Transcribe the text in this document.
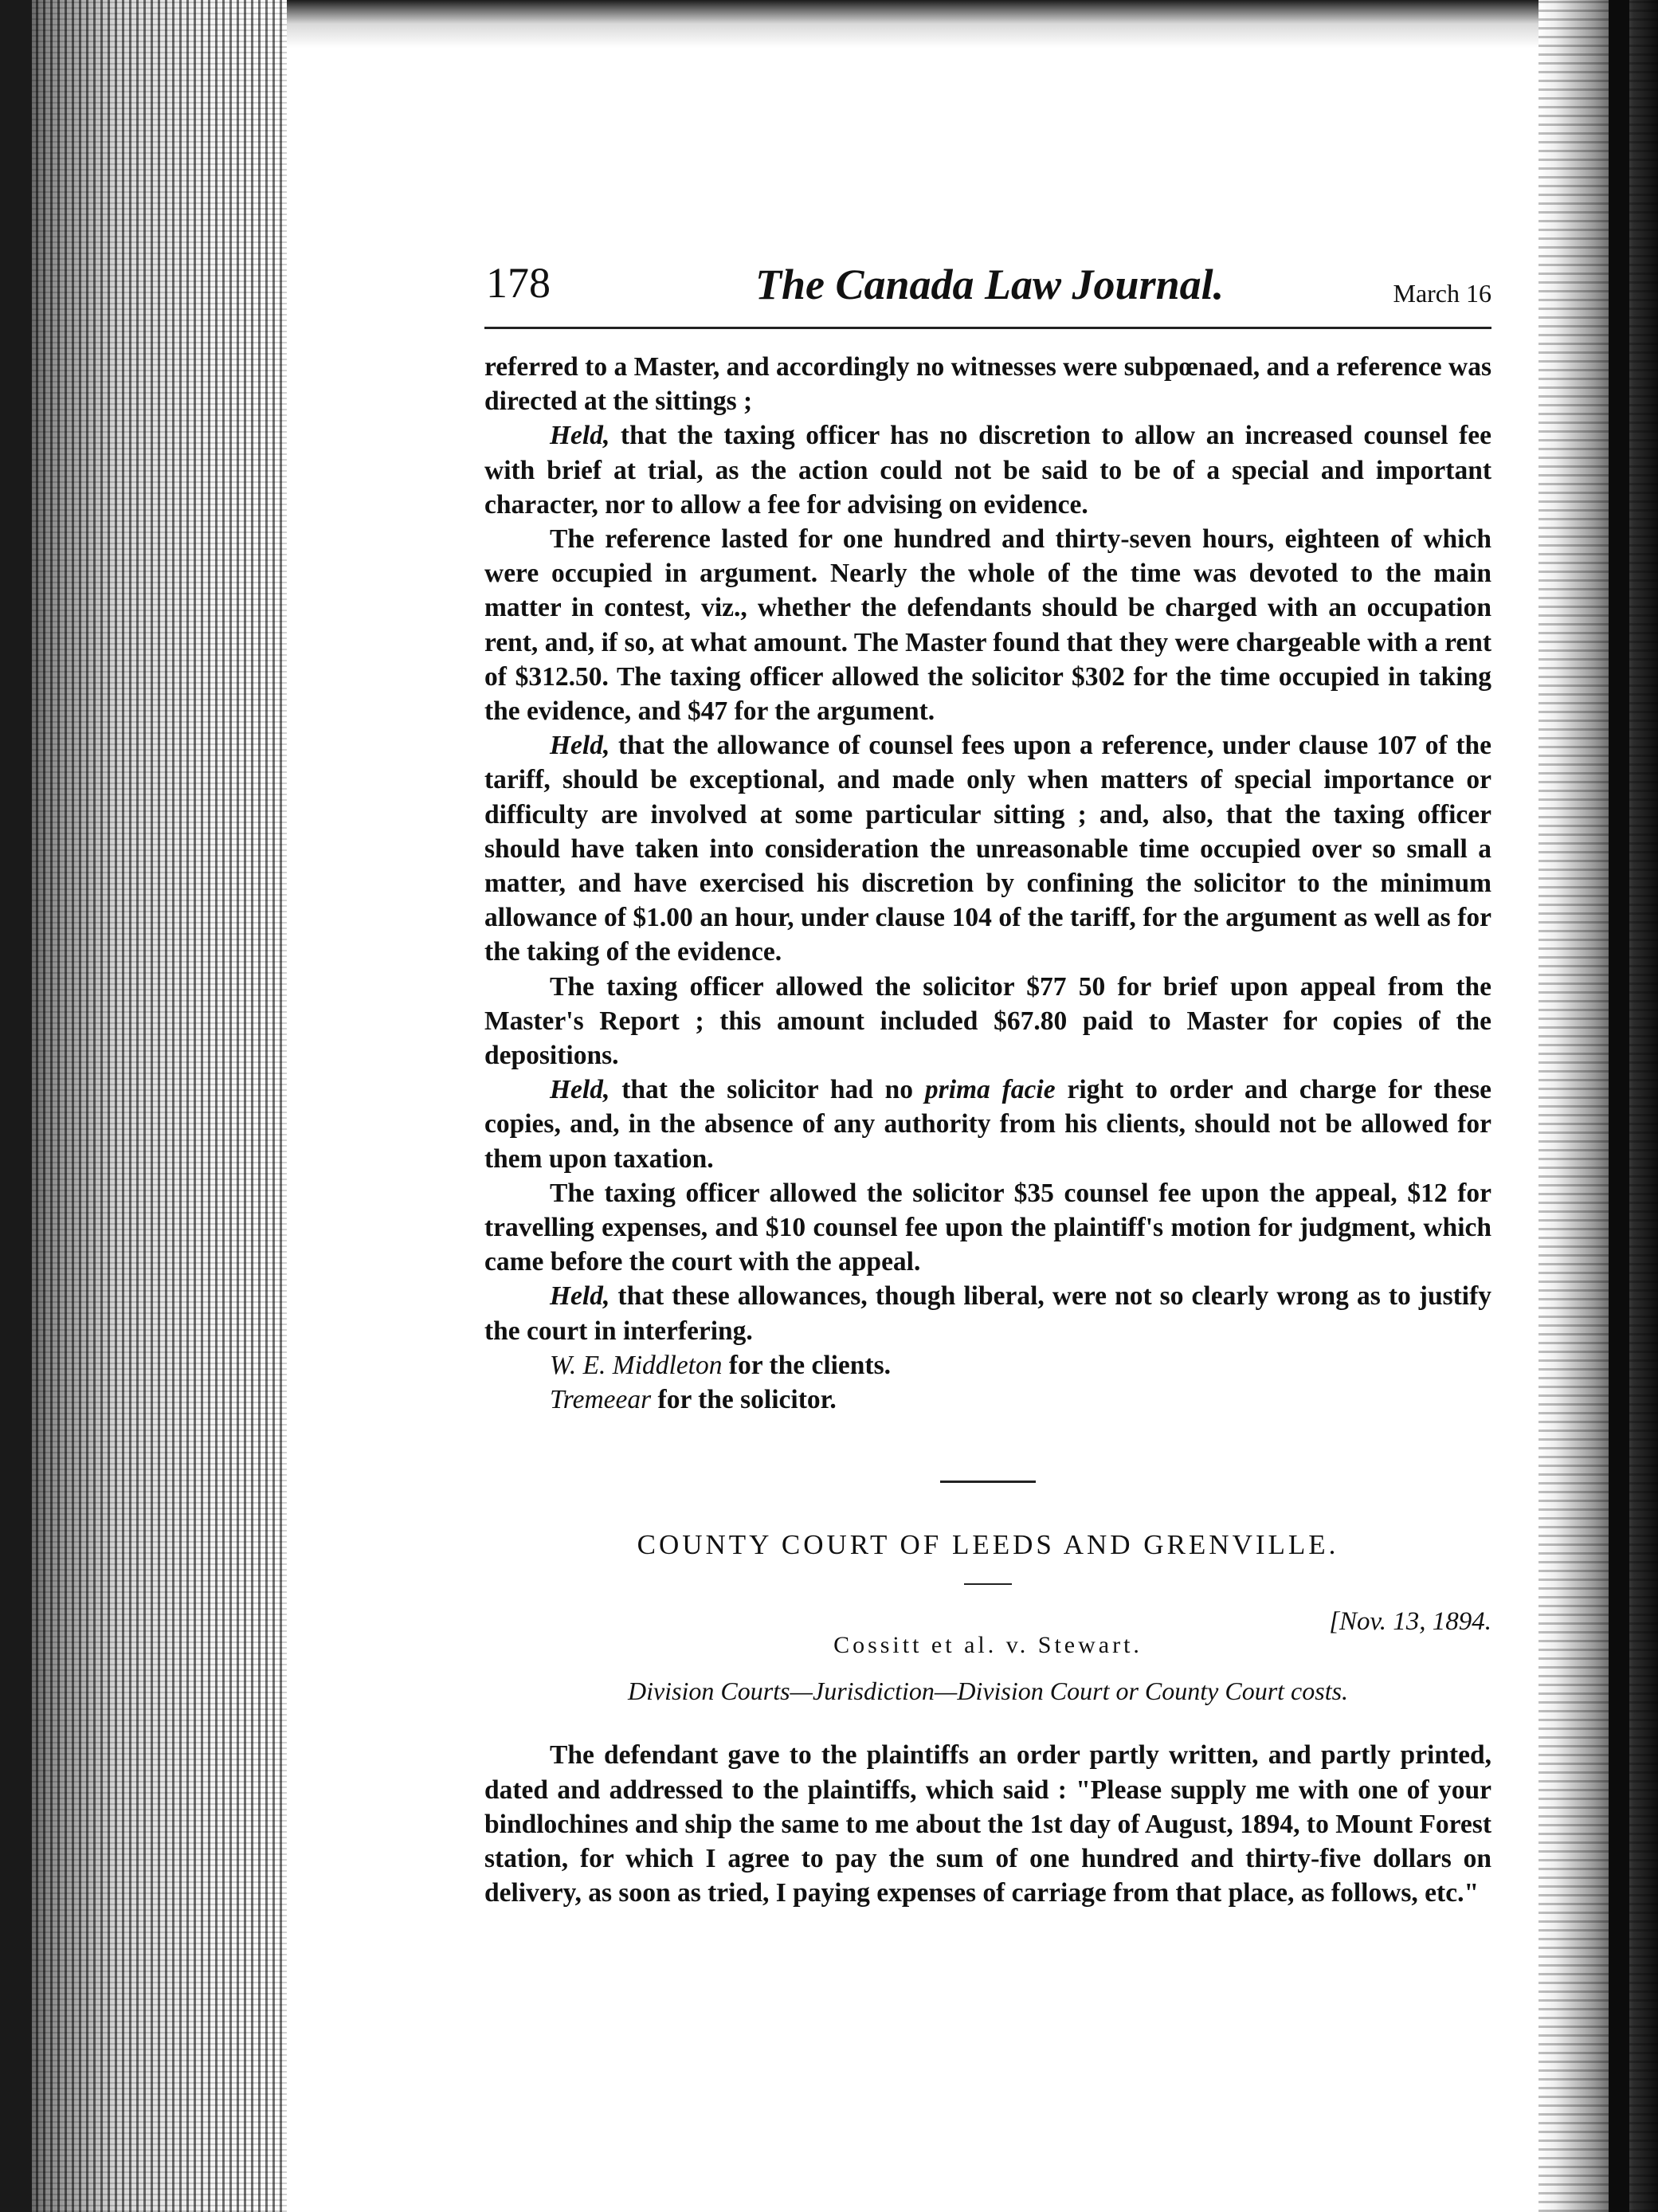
178	The Canada Law Journal.	March 16

referred to a Master, and accordingly no witnesses were subpœnaed, and a reference was directed at the sittings ;

Held, that the taxing officer has no discretion to allow an increased counsel fee with brief at trial, as the action could not be said to be of a special and important character, nor to allow a fee for advising on evidence.

The reference lasted for one hundred and thirty-seven hours, eighteen of which were occupied in argument. Nearly the whole of the time was devoted to the main matter in contest, viz., whether the defendants should be charged with an occupation rent, and, if so, at what amount. The Master found that they were chargeable with a rent of $312.50. The taxing officer allowed the solicitor $302 for the time occupied in taking the evidence, and $47 for the argument.

Held, that the allowance of counsel fees upon a reference, under clause 107 of the tariff, should be exceptional, and made only when matters of special importance or difficulty are involved at some particular sitting ; and, also, that the taxing officer should have taken into consideration the unreasonable time occupied over so small a matter, and have exercised his discretion by confining the solicitor to the minimum allowance of $1.00 an hour, under clause 104 of the tariff, for the argument as well as for the taking of the evidence.

The taxing officer allowed the solicitor $77 50 for brief upon appeal from the Master's Report ; this amount included $67.80 paid to Master for copies of the depositions.

Held, that the solicitor had no prima facie right to order and charge for these copies, and, in the absence of any authority from his clients, should not be allowed for them upon taxation.

The taxing officer allowed the solicitor $35 counsel fee upon the appeal, $12 for travelling expenses, and $10 counsel fee upon the plaintiff's motion for judgment, which came before the court with the appeal.

Held, that these allowances, though liberal, were not so clearly wrong as to justify the court in interfering.

W. E. Middleton for the clients.

Tremeear for the solicitor.

COUNTY COURT OF LEEDS AND GRENVILLE.
[Nov. 13, 1894.
Cossitt et al. v. Stewart.
Division Courts—Jurisdiction—Division Court or County Court costs.
The defendant gave to the plaintiffs an order partly written, and partly printed, dated and addressed to the plaintiffs, which said : "Please supply me with one of your bindlochines and ship the same to me about the 1st day of August, 1894, to Mount Forest station, for which I agree to pay the sum of one hundred and thirty-five dollars on delivery, as soon as tried, I paying expenses of carriage from that place, as follows, etc."
